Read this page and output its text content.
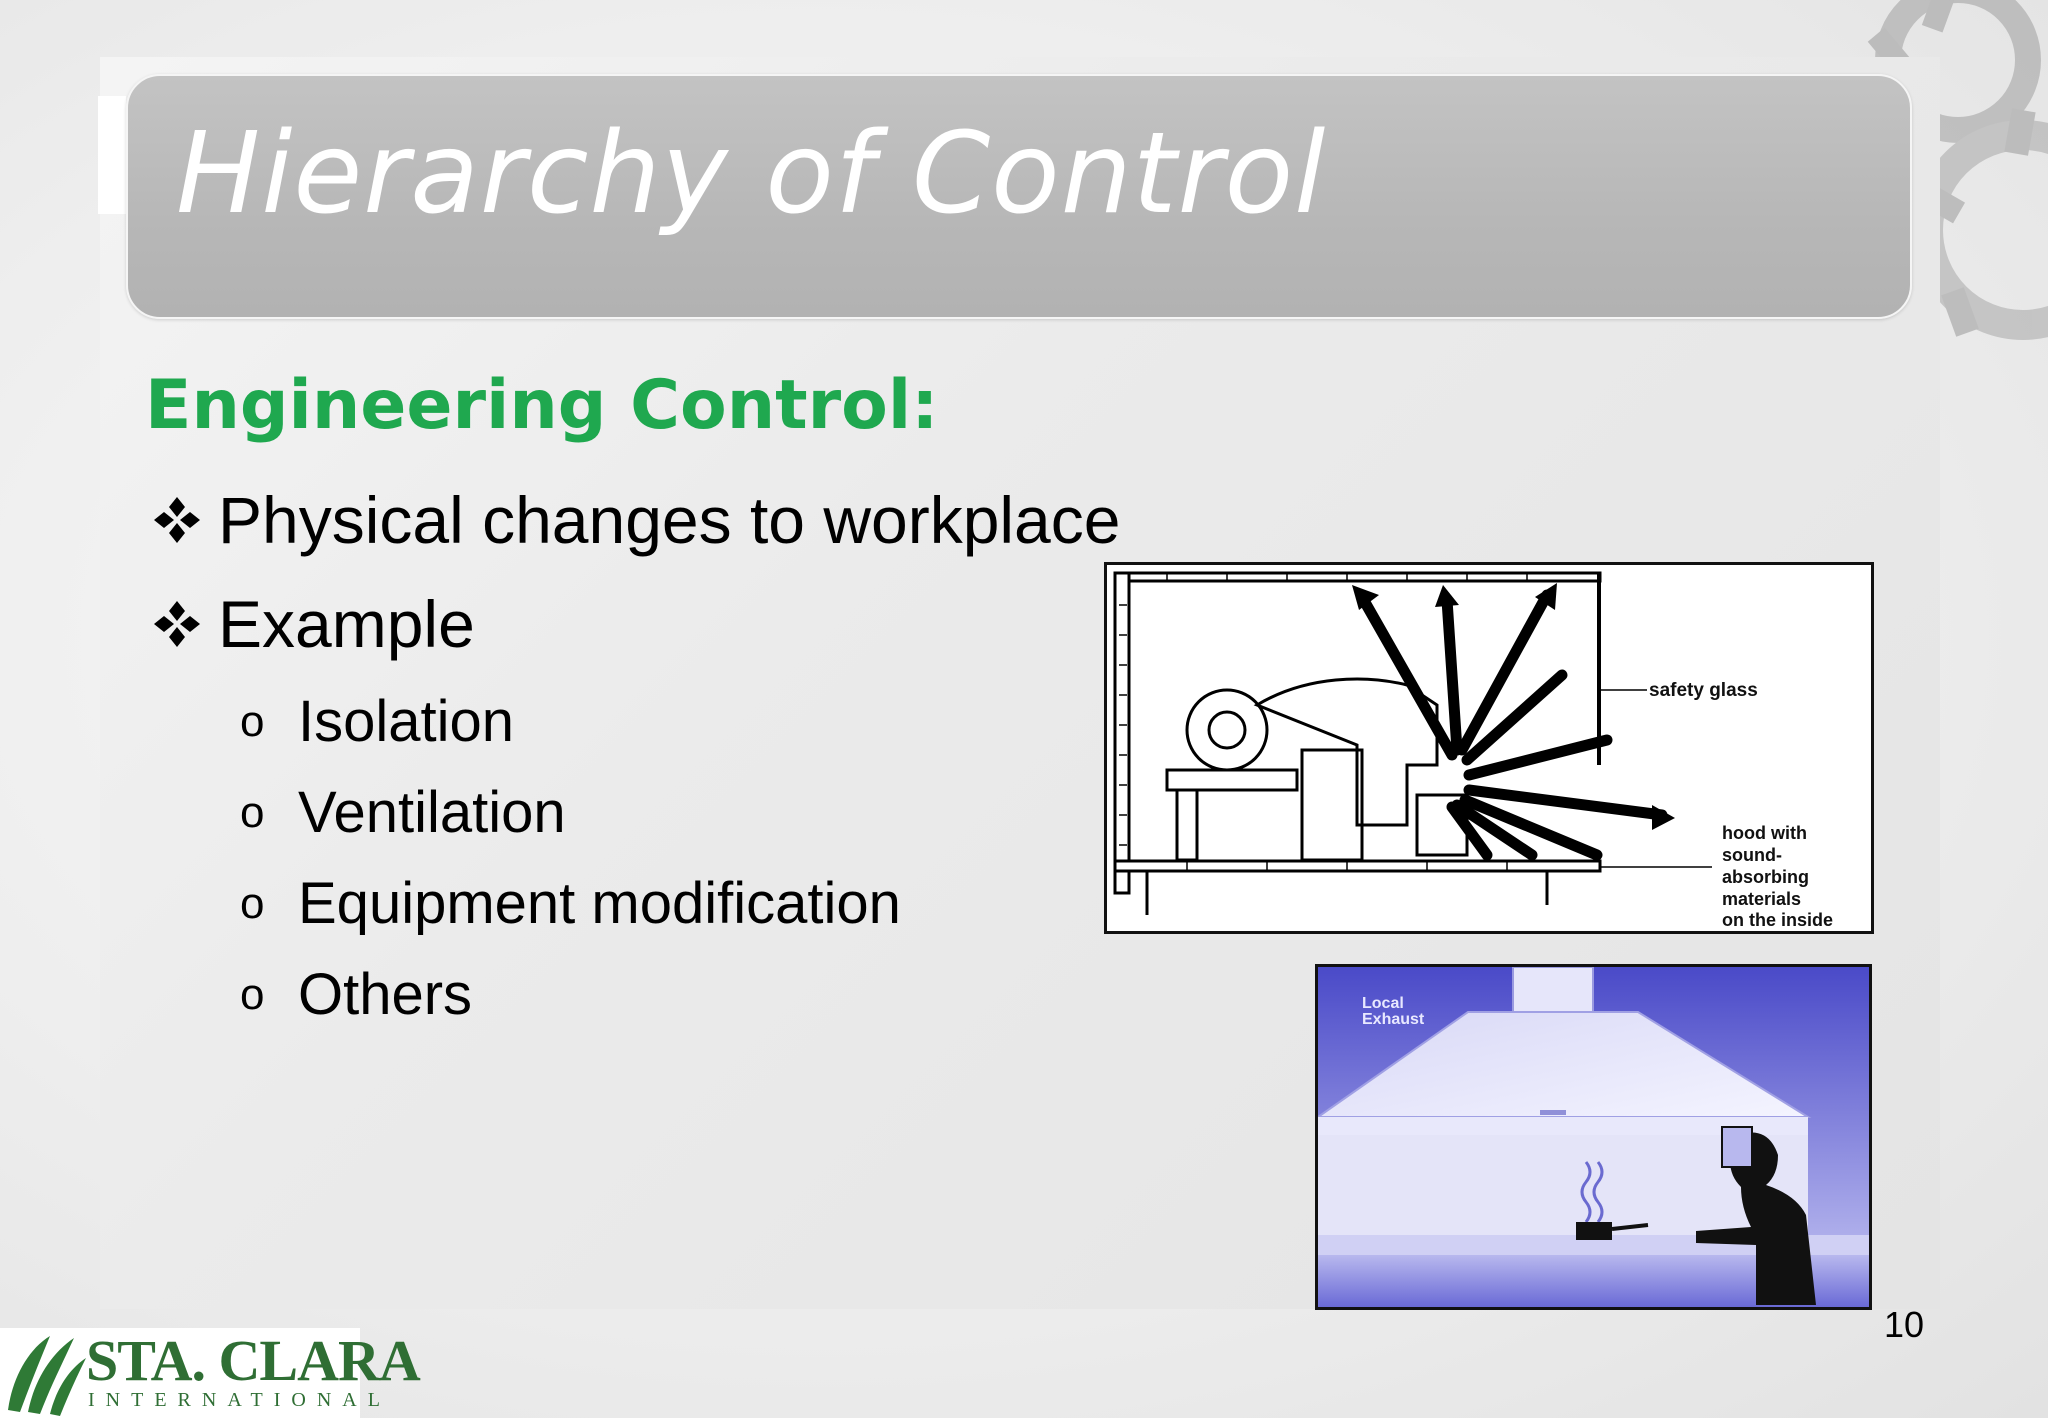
Hierarchy of Control
Engineering Control:
Physical changes to workplace
Example
o Isolation
o Ventilation
o Equipment modification
o Others
safety glass
hood with
sound-
absorbing
materials
on the inside
Local
Exhaust
10
STA. CLARA
INTERNATIONAL
